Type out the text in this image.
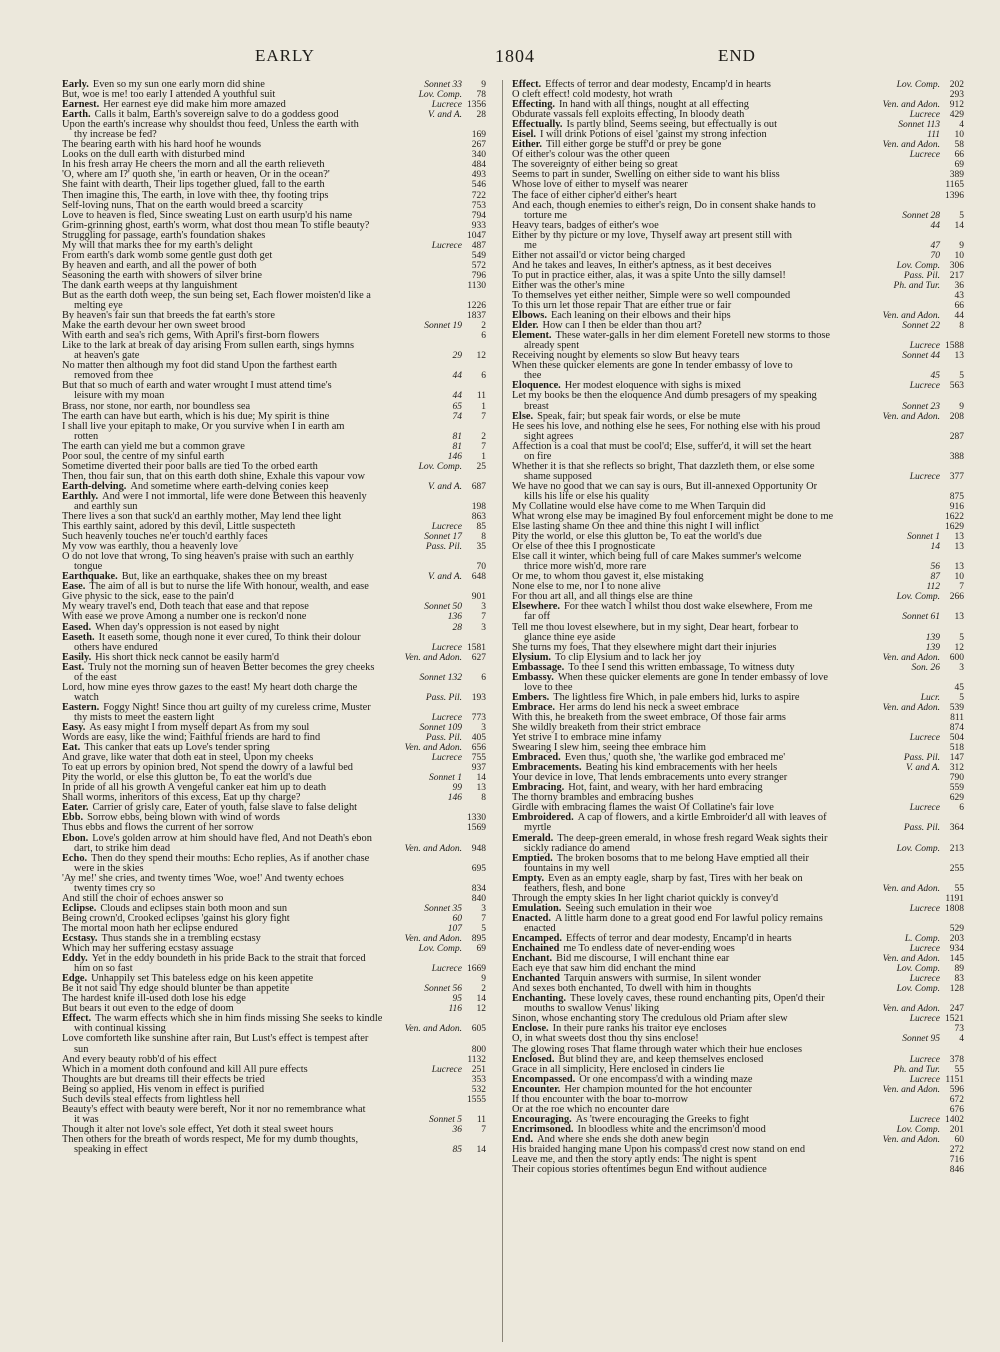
EARLY	1804	END
Early. Even so my sun one early morn did shine	Sonnet 33	9
But, woe is me! too early I attended A youthful suit	Lov. Comp.	78
Earnest. Her earnest eye did make him more amazed	Lucrece 1356
Earth. Calls it balm, Earth's sovereign salve to do a goddess good	V. and A.	28
Upon the earth's increase why shouldst thou feed, Unless the earth with
thy increase be fed?	169
The bearing earth with his hard hoof he wounds	267
Looks on the dull earth with disturbed mind	340
In his fresh array He cheers the morn and all the earth relieveth	484
'O, where am I?' quoth she, 'in earth or heaven, Or in the ocean?'	493
She faint with dearth, Their lips together glued, fall to the earth	546
Then imagine this, The earth, in love with thee, thy footing trips	722
Self-loving nuns, That on the earth would breed a scarcity	753
Love to heaven is fled, Since sweating Lust on earth usurp'd his name	794
Grim-grinning ghost, earth's worm, what dost thou mean To stifle beauty?	933
Struggling for passage, earth's foundation shakes	1047
My will that marks thee for my earth's delight	Lucrece	487
From earth's dark womb some gentle gust doth get	549
By heaven and earth, and all the power of both	572
Seasoning the earth with showers of silver brine	796
The dank earth weeps at thy languishment	1130
But as the earth doth weep, the sun being set, Each flower moisten'd like a
melting eye	1226
By heaven's fair sun that breeds the fat earth's store	1837
Make the earth devour her own sweet brood	Sonnet 19	2
With earth and sea's rich gems, With April's first-born flowers	6
Like to the lark at break of day arising From sullen earth, sings hymns
at heaven's gate	29	12
No matter then although my foot did stand Upon the farthest earth
removed from thee	44	6
But that so much of earth and water wrought I must attend time's
leisure with my moan	44	11
Brass, nor stone, nor earth, nor boundless sea	65	1
The earth can have but earth, which is his due; My spirit is thine	74	7
I shall live your epitaph to make, Or you survive when I in earth am
rotten	81	2
The earth can yield me but a common grave	81	7
Poor soul, the centre of my sinful earth	146	1
Sometime diverted their poor balls are tied To the orbed earth	Lov. Comp.	25
Then, thou fair sun, that on this earth doth shine, Exhale this vapour vow
Earth-delving. And sometime where earth-delving conies keep	V. and A.	687
Earthly. And were I not immortal, life were done Between this heavenly
and earthly sun	198
There lives a son that suck'd an earthly mother, May lend thee light	863
This earthly saint, adored by this devil, Little suspecteth	Lucrece	85
Such heavenly touches ne'er touch'd earthly faces	Sonnet 17	8
My vow was earthly, thou a heavenly love	Pass. Pil.	35
O do not love that wrong, To sing heaven's praise with such an earthly
tongue	70
Earthquake. But, like an earthquake, shakes thee on my breast	V. and A.	648
Ease. The aim of all is but to nurse the life With honour, wealth, and ease
Give physic to the sick, ease to the pain'd	901
My weary travel's end, Doth teach that ease and that repose	Sonnet 50	3
With ease we prove Among a number one is reckon'd none	136	7
Eased. When day's oppression is not eased by night	28	3
Easeth. It easeth some, though none it ever cured, To think their dolour
others have endured	Lucrece 1581
Easily. His short thick neck cannot be easily harm'd	Ven. and Adon.	627
East. Truly not the morning sun of heaven Better becomes the grey cheeks
of the east	Sonnet 132	6
Lord, how mine eyes throw gazes to the east! My heart doth charge the
watch	Pass. Pil.	193
Eastern. Foggy Night! Since thou art guilty of my cureless crime, Muster
thy mists to meet the eastern light	Lucrece	773
Easy. As easy might I from myself depart As from my soul	Sonnet 109	3
Words are easy, like the wind; Faithful friends are hard to find	Pass. Pil.	405
Eat. This canker that eats up Love's tender spring	Ven. and Adon.	656
And grave, like water that doth eat in steel, Upon my cheeks	Lucrece	755
To eat up errors by opinion bred, Not spend the dowry of a lawful bed	937
Pity the world, or else this glutton be, To eat the world's due	Sonnet 1	14
In pride of all his growth A vengeful canker eat him up to death	99	13
Shall worms, inheritors of this excess, Eat up thy charge?	146	8
Eater. Carrier of grisly care, Eater of youth, false slave to false delight
Ebb. Sorrow ebbs, being blown with wind of words	1330
Thus ebbs and flows the current of her sorrow	1569
Ebon. Love's golden arrow at him should have fled, And not Death's ebon
dart, to strike him dead	Ven. and Adon.	948
Echo. Then do they spend their mouths: Echo replies, As if another chase
were in the skies	695
'Ay me!' she cries, and twenty times 'Woe, woe!' And twenty echoes
twenty times cry so	834
And still the choir of echoes answer so	840
Eclipse. Clouds and eclipses stain both moon and sun	Sonnet 35	3
Being crown'd, Crooked eclipses 'gainst his glory fight	60	7
The mortal moon hath her eclipse endured	107	5
Ecstasy. Thus stands she in a trembling ecstasy	Ven. and Adon.	895
Which may her suffering ecstasy assuage	Lov. Comp.	69
Eddy. Yet in the eddy boundeth in his pride Back to the strait that forced
him on so fast	Lucrece 1669
Edge. Unhappily set This bateless edge on his keen appetite	9
Be it not said Thy edge should blunter be than appetite	Sonnet 56	2
The hardest knife ill-used doth lose his edge	95	14
But bears it out even to the edge of doom	116	12
Effect. The warm effects which she in him finds missing She seeks to kindle
with continual kissing	Ven. and Adon.	605
Love comforteth like sunshine after rain, But Lust's effect is tempest after
sun	800
And every beauty robb'd of his effect	1132
Which in a moment doth confound and kill All pure effects	Lucrece	251
Thoughts are but dreams till their effects be tried	353
Being so applied, His venom in effect is purified	532
Such devils steal effects from lightless hell	1555
Beauty's effect with beauty were bereft, Nor it nor no remembrance what
it was	Sonnet 5	11
Though it alter not love's sole effect, Yet doth it steal sweet hours	36	7
Then others for the breath of words respect, Me for my dumb thoughts,
speaking in effect	85	14
Effect. Effects of terror and dear modesty, Encamp'd in hearts	Lov. Comp.	202
O cleft effect! cold modesty, hot wrath	293
Effecting. In hand with all things, nought at all effecting	Ven. and Adon.	912
Obdurate vassals fell exploits effecting, In bloody death	Lucrece	429
Effectually. Is partly blind, Seems seeing, but effectually is out	Sonnet 113	4
Eisel. I will drink Potions of eisel 'gainst my strong infection	111	10
Either. Till either gorge be stuff'd or prey be gone	Ven. and Adon.	58
Of either's colour was the other queen	Lucrece	66
The sovereignty of either being so great	69
Seems to part in sunder, Swelling on either side to want his bliss	389
Whose love of either to myself was nearer	1165
The face of either cipher'd either's heart	1396
And each, though enemies to either's reign, Do in consent shake hands to
torture me	Sonnet 28	5
Heavy tears, badges of either's woe	44	14
Either by thy picture or my love, Thyself away art present still with
me	47	9
Either not assail'd or victor being charged	70	10
And he takes and leaves, In either's aptness, as it best deceives	Lov. Comp.	306
To put in practice either, alas, it was a spite Unto the silly damsel!	Pass. Pil.	217
Either was the other's mine	Ph. and Tur.	36
To themselves yet either neither, Simple were so well compounded	43
To this urn let those repair That are either true or fair	66
Elbows. Each leaning on their elbows and their hips	Ven. and Adon.	44
Elder. How can I then be elder than thou art?	Sonnet 22	8
Element. These water-galls in her dim element Foretell new storms to those
already spent	Lucrece 1588
Receiving nought by elements so slow But heavy tears	Sonnet 44	13
When these quicker elements are gone In tender embassy of love to
thee	45	5
Eloquence. Her modest eloquence with sighs is mixed	Lucrece	563
Let my books be then the eloquence And dumb presagers of my speaking
breast	Sonnet 23	9
Else. Speak, fair; but speak fair words, or else be mute	Ven. and Adon.	208
He sees his love, and nothing else he sees, For nothing else with his proud
sight agrees	287
Affection is a coal that must be cool'd; Else, suffer'd, it will set the heart
on fire	388
Whether it is that she reflects so bright, That dazzleth them, or else some
shame supposed	Lucrece	377
We have no good that we can say is ours, But ill-annexed Opportunity Or
kills his life or else his quality	875
My Collatine would else have come to me When Tarquin did	916
What wrong else may be imagined By foul enforcement might be done to me	1622
Else lasting shame On thee and thine this night I will inflict	1629
Pity the world, or else this glutton be, To eat the world's due	Sonnet 1	13
Or else of thee this I prognosticate	14	13
Else call it winter, which being full of care Makes summer's welcome
thrice more wish'd, more rare	56	13
Or me, to whom thou gavest it, else mistaking	87	10
None else to me, nor I to none alive	112	7
For thou art all, and all things else are thine	Lov. Comp.	266
Elsewhere. For thee watch I whilst thou dost wake elsewhere, From me
far off	Sonnet 61	13
Tell me thou lovest elsewhere, but in my sight, Dear heart, forbear to
glance thine eye aside	139	5
She turns my foes, That they elsewhere might dart their injuries	139	12
Elysium. To clip Elysium and to lack her joy	Ven. and Adon.	600
Embassage. To thee I send this written embassage, To witness duty	Son. 26	3
Embassy. When these quicker elements are gone In tender embassy of love
love to thee	45
Embers. The lightless fire Which, in pale embers hid, lurks to aspire	Lucr.	5
Embrace. Her arms do lend his neck a sweet embrace	Ven. and Adon.	539
With this, he breaketh from the sweet embrace, Of those fair arms	811
She wildly breaketh from their strict embrace	874
Yet strive I to embrace mine infamy	Lucrece	504
Swearing I slew him, seeing thee embrace him	518
Embraced. Even thus,' quoth she, 'the warlike god embraced me'	Pass. Pil.	147
Embracements. Beating his kind embracements with her heels	V. and A.	312
Your device in love, That lends embracements unto every stranger	790
Embracing. Hot, faint, and weary, with her hard embracing	559
The thorny brambles and embracing bushes	629
Girdle with embracing flames the waist Of Collatine's fair love	Lucrece	6
Embroidered. A cap of flowers, and a kirtle Embroider'd all with leaves of
myrtle	Pass. Pil.	364
Emerald. The deep-green emerald, in whose fresh regard Weak sights their
sickly radiance do amend	Lov. Comp.	213
Emptied. The broken bosoms that to me belong Have emptied all their
fountains in my well	255
Empty. Even as an empty eagle, sharp by fast, Tires with her beak on
feathers, flesh, and bone	Ven. and Adon.	55
Through the empty skies In her light chariot quickly is convey'd	1191
Emulation. Seeing such emulation in their woe	Lucrece 1808
Enacted. A little harm done to a great good end For lawful policy remains
enacted	529
Encamped. Effects of terror and dear modesty, Encamp'd in hearts	L. Comp.	203
Enchained me To endless date of never-ending woes	Lucrece	934
Enchant. Bid me discourse, I will enchant thine ear	Ven. and Adon.	145
Each eye that saw him did enchant the mind	Lov. Comp.	89
Enchanted Tarquin answers with surmise, In silent wonder	Lucrece	83
And sexes both enchanted, To dwell with him in thoughts	Lov. Comp.	128
Enchanting. These lovely caves, these round enchanting pits, Open'd their
mouths to swallow Venus' liking	Ven. and Adon.	247
Sinon, whose enchanting story The credulous old Priam after slew	Lucrece 1521
Enclose. In their pure ranks his traitor eye encloses	73
O, in what sweets dost thou thy sins enclose!	Sonnet 95	4
The glowing roses That flame through water which their hue encloses
Enclosed. But blind they are, and keep themselves enclosed	Lucrece	378
Grace in all simplicity, Here enclosed in cinders lie	Ph. and Tur.	55
Encompassed. Or one encompass'd with a winding maze	Lucrece 1151
Encounter. Her champion mounted for the hot encounter	Ven. and Adon.	596
If thou encounter with the boar to-morrow	672
Or at the roe which no encounter dare	676
Encouraging. As 'twere encouraging the Greeks to fight	Lucrece 1402
Encrimsoned. In bloodless white and the encrimson'd mood	Lov. Comp.	201
End. And where she ends she doth anew begin	Ven. and Adon.	60
His braided hanging mane Upon his compass'd crest now stand on end	272
Leave me, and then the story aptly ends: The night is spent	716
Their copious stories oftentimes begun End without audience	846
